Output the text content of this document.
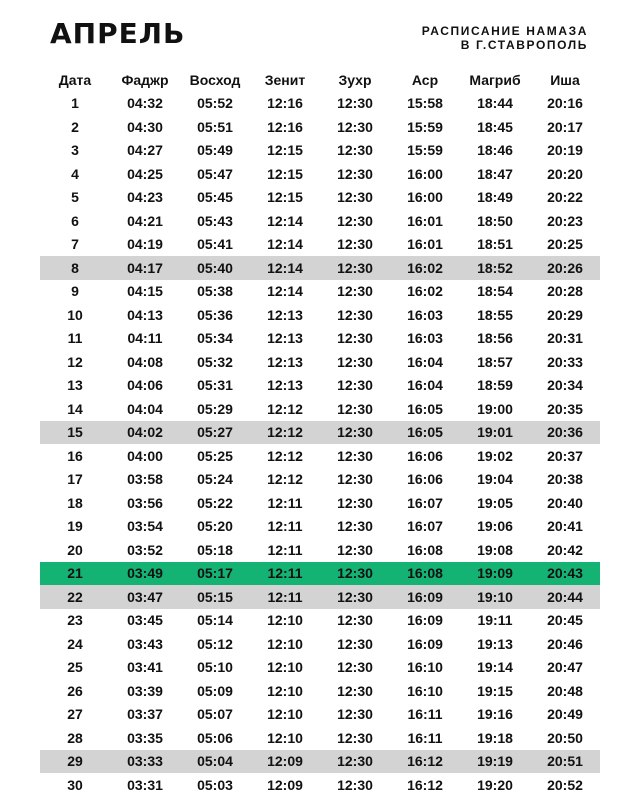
АПРЕЛЬ	РАСПИСАНИЕ НАМАЗА
В Г.СТАВРОПОЛЬ
Дата	Фаджр	Восход	Зенит	Зухр	Аср	Магриб	Иша
1	04:32	05:52	12:16	12:30	15:58	18:44	20:16
2	04:30	05:51	12:16	12:30	15:59	18:45	20:17
3	04:27	05:49	12:15	12:30	15:59	18:46	20:19
4	04:25	05:47	12:15	12:30	16:00	18:47	20:20
5	04:23	05:45	12:15	12:30	16:00	18:49	20:22
6	04:21	05:43	12:14	12:30	16:01	18:50	20:23
7	04:19	05:41	12:14	12:30	16:01	18:51	20:25
8	04:17	05:40	12:14	12:30	16:02	18:52	20:26
9	04:15	05:38	12:14	12:30	16:02	18:54	20:28
10	04:13	05:36	12:13	12:30	16:03	18:55	20:29
11	04:11	05:34	12:13	12:30	16:03	18:56	20:31
12	04:08	05:32	12:13	12:30	16:04	18:57	20:33
13	04:06	05:31	12:13	12:30	16:04	18:59	20:34
14	04:04	05:29	12:12	12:30	16:05	19:00	20:35
15	04:02	05:27	12:12	12:30	16:05	19:01	20:36
16	04:00	05:25	12:12	12:30	16:06	19:02	20:37
17	03:58	05:24	12:12	12:30	16:06	19:04	20:38
18	03:56	05:22	12:11	12:30	16:07	19:05	20:40
19	03:54	05:20	12:11	12:30	16:07	19:06	20:41
20	03:52	05:18	12:11	12:30	16:08	19:08	20:42
21	03:49	05:17	12:11	12:30	16:08	19:09	20:43
22	03:47	05:15	12:11	12:30	16:09	19:10	20:44
23	03:45	05:14	12:10	12:30	16:09	19:11	20:45
24	03:43	05:12	12:10	12:30	16:09	19:13	20:46
25	03:41	05:10	12:10	12:30	16:10	19:14	20:47
26	03:39	05:09	12:10	12:30	16:10	19:15	20:48
27	03:37	05:07	12:10	12:30	16:11	19:16	20:49
28	03:35	05:06	12:10	12:30	16:11	19:18	20:50
29	03:33	05:04	12:09	12:30	16:12	19:19	20:51
30	03:31	05:03	12:09	12:30	16:12	19:20	20:52
